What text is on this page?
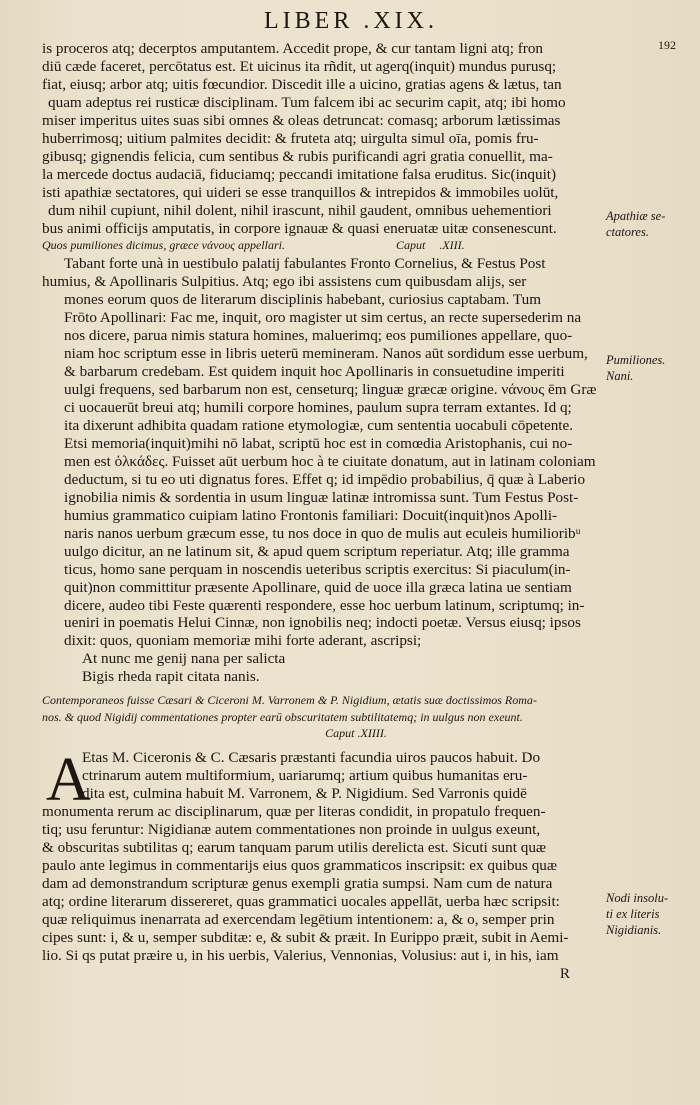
LIBER .XIX.
192
is proceros atq; decerptos amputantem. Accedit prope, & cur tantam ligni atq; fron
diū cæde faceret, percōtatus est. Et uicinus ita rñdit, ut agerq(inquit) mundus purusq;
fiat, eiusq; arbor atq; uitis fœcundior. Discedit ille a uicino, gratias agens & lætus, tan
quam adeptus rei rusticæ disciplinam. Tum falcem ibi ac securim capit, atq; ibi homo
miser imperitus uites suas sibi omnes & oleas detruncat: comasq; arborum lætissimas
huberrimosq; uitium palmites decidit: & fruteta atq; uirgulta simul oīa, pomis fru-
gibusq; gignendis felicia, cum sentibus & rubis purificandi agri gratia conuellit, ma-
la mercede doctus audaciā, fiduciamq; peccandi imitatione falsa eruditus. Sic(inquit)
isti apathiæ sectatores, qui uideri se esse tranquillos & intrepidos & immobiles uolūt,
dum nihil cupiunt, nihil dolent, nihil irascunt, nihil gaudent, omnibus uehementiori
bus animi officijs amputatis, in corpore ignauæ & quasi eneruatæ uitæ consenescunt.
Quos pumiliones dicimus, græce νάνους appellari.	Caput .XIII.
Tabant forte unà in uestibulo palatij fabulantes Fronto Cornelius, & Festus Post
humius, & Apollinaris Sulpitius. Atq; ego ibi assistens cum quibusdam alijs, ser
mones eorum quos de literarum disciplinis habebant, curiosius captabam. Tum
Frōto Apollinari: Fac me, inquit, oro magister ut sim certus, an recte supersederim na
nos dicere, parua nimis statura homines, maluerimq; eos pumiliones appellare, quo-
niam hoc scriptum esse in libris ueterū memineram. Nanos aūt sordidum esse uerbum,
& barbarum credebam. Est quidem inquit hoc Apollinaris in consuetudine imperiti
uulgi frequens, sed barbarum non est, censeturq; linguæ græcæ origine. νάνους ēm Græ
ci uocauerūt breui atq; humili corpore homines, paulum supra terram extantes. Id q;
ita dixerunt adhibita quadam ratione etymologiæ, cum sententia uocabuli cōpetente.
Etsi memoria(inquit)mihi nō labat, scriptū hoc est in comœdia Aristophanis, cui no-
men est ὁλκάδες. Fuisset aūt uerbum hoc à te ciuitate donatum, aut in latinam coloniam
deductum, si tu eo uti dignatus fores. Effet q; id impēdio probabilius, q̄ quæ à Laberio
ignobilia nimis & sordentia in usum linguæ latinæ intromissa sunt. Tum Festus Post-
humius grammatico cuipiam latino Frontonis familiari: Docuit(inquit)nos Apolli-
naris nanos uerbum græcum esse, tu nos doce in quo de mulis aut eculeis humilioribᵘ
uulgo dicitur, an ne latinum sit, & apud quem scriptum reperiatur. Atq; ille gramma
ticus, homo sane perquam in noscendis ueteribus scriptis exercitus: Si piaculum(in-
quit)non committitur præsente Apollinare, quid de uoce illa græca latina ue sentiam
dicere, audeo tibi Feste quærenti respondere, esse hoc uerbum latinum, scriptumq; in-
ueniri in poematis Helui Cinnæ, non ignobilis neq; indocti poetæ. Versus eiusq; ipsos
dixit: quos, quoniam memoriæ mihi forte aderant, ascripsi;
At nunc me genij nana per salicta
Bigis rheda rapit citata nanis.
Contemporaneos fuisse Cæsari & Ciceroni M. Varronem & P. Nigidium, ætatis suæ doctissimos Roma-
nos. & quod Nigidij commentationes propter earū obscuritatem subtilitatemq; in uulgus non exeunt.
Caput .XIIII.
A
Etas M. Ciceronis & C. Cæsaris præstanti facundia uiros paucos habuit. Do
ctrinarum autem multiformium, uariarumq; artium quibus humanitas eru-
dita est, culmina habuit M. Varronem, & P. Nigidium. Sed Varronis quidē
monumenta rerum ac disciplinarum, quæ per literas condidit, in propatulo frequen-
tiq; usu feruntur: Nigidianæ autem commentationes non proinde in uulgus exeunt,
& obscuritas subtilitas q; earum tanquam parum utilis derelicta est. Sicuti sunt quæ
paulo ante legimus in commentarijs eius quos grammaticos inscripsit: ex quibus quæ
dam ad demonstrandum scripturæ genus exempli gratia sumpsi. Nam cum de natura
atq; ordine literarum dissereret, quas grammatici uocales appellāt, uerba hæc scripsit:
quæ reliquimus inenarrata ad exercendam legētium intentionem: a, & o, semper prin
cipes sunt: i, & u, semper subditæ: e, & subit & præit. In Eurippo præit, subit in Aemi-
lio. Si qs putat præire u, in his uerbis, Valerius, Vennonias, Volusius: aut i, in his, iam
R
Apathiæ se-
ctatores.
Pumiliones.
Nani.
Nodi insolu-
ti ex literis
Nigidianis.
